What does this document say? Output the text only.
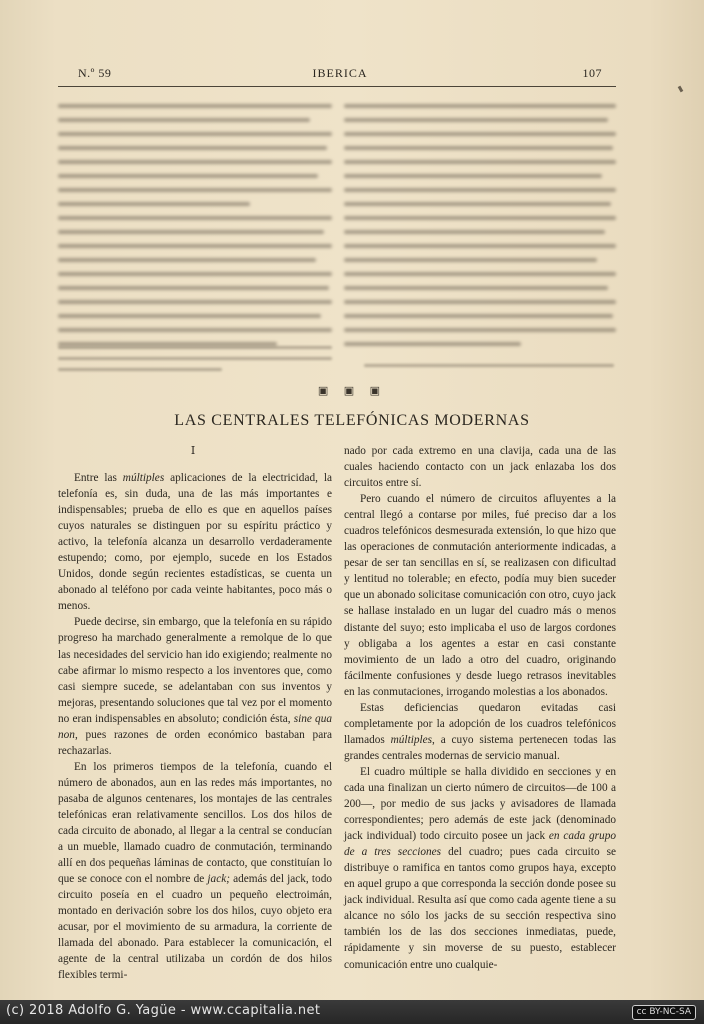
N.º 59	IBERICA	107
▣ ▣ ▣
LAS CENTRALES TELEFÓNICAS MODERNAS
I

Entre las múltiples aplicaciones de la electricidad, la telefonía es, sin duda, una de las más importantes e indispensables; prueba de ello es que en aquellos países cuyos naturales se distinguen por su espíritu práctico y activo, la telefonía alcanza un desarrollo verdaderamente estupendo; como, por ejemplo, sucede en los Estados Unidos, donde según recientes estadísticas, se cuenta un abonado al teléfono por cada veinte habitantes, poco más o menos.

Puede decirse, sin embargo, que la telefonía en su rápido progreso ha marchado generalmente a remolque de lo que las necesidades del servicio han ido exigiendo; realmente no cabe afirmar lo mismo respecto a los inventores que, como casi siempre sucede, se adelantaban con sus inventos y mejoras, presentando soluciones que tal vez por el momento no eran indispensables en absoluto; condición ésta, sine qua non, pues razones de orden económico bastaban para rechazarlas.

En los primeros tiempos de la telefonía, cuando el número de abonados, aun en las redes más importantes, no pasaba de algunos centenares, los montajes de las centrales telefónicas eran relativamente sencillos. Los dos hilos de cada circuito de abonado, al llegar a la central se conducían a un mueble, llamado cuadro de conmutación, terminando allí en dos pequeñas láminas de contacto, que constituían lo que se conoce con el nombre de jack; además del jack, todo circuito poseía en el cuadro un pequeño electroimán, montado en derivación sobre los dos hilos, cuyo objeto era acusar, por el movimiento de su armadura, la corriente de llamada del abonado. Para establecer la comunicación, el agente de la central utilizaba un cordón de dos hilos flexibles termi-

nado por cada extremo en una clavija, cada una de las cuales haciendo contacto con un jack enlazaba los dos circuitos entre sí.

Pero cuando el número de circuitos afluyentes a la central llegó a contarse por miles, fué preciso dar a los cuadros telefónicos desmesurada extensión, lo que hizo que las operaciones de conmutación anteriormente indicadas, a pesar de ser tan sencillas en sí, se realizasen con dificultad y lentitud no tolerable; en efecto, podía muy bien suceder que un abonado solicitase comunicación con otro, cuyo jack se hallase instalado en un lugar del cuadro más o menos distante del suyo; esto implicaba el uso de largos cordones y obligaba a los agentes a estar en casi constante movimiento de un lado a otro del cuadro, originando fácilmente confusiones y desde luego retrasos inevitables en las conmutaciones, irrogando molestias a los abonados.

Estas deficiencias quedaron evitadas casi completamente por la adopción de los cuadros telefónicos llamados múltiples, a cuyo sistema pertenecen todas las grandes centrales modernas de servicio manual.

El cuadro múltiple se halla dividido en secciones y en cada una finalizan un cierto número de circuitos—de 100 a 200—, por medio de sus jacks y avisadores de llamada correspondientes; pero además de este jack (denominado jack individual) todo circuito posee un jack en cada grupo de a tres secciones del cuadro; pues cada circuito se distribuye o ramifica en tantos como grupos haya, excepto en aquel grupo a que corresponda la sección donde posee su jack individual. Resulta así que como cada agente tiene a su alcance no sólo los jacks de su sección respectiva sino también los de las dos secciones inmediatas, puede, rápidamente y sin moverse de su puesto, establecer comunicación entre uno cualquie-

(c) 2018 Adolfo G. Yagüe - www.ccapitalia.net	cc BY-NC-SA
